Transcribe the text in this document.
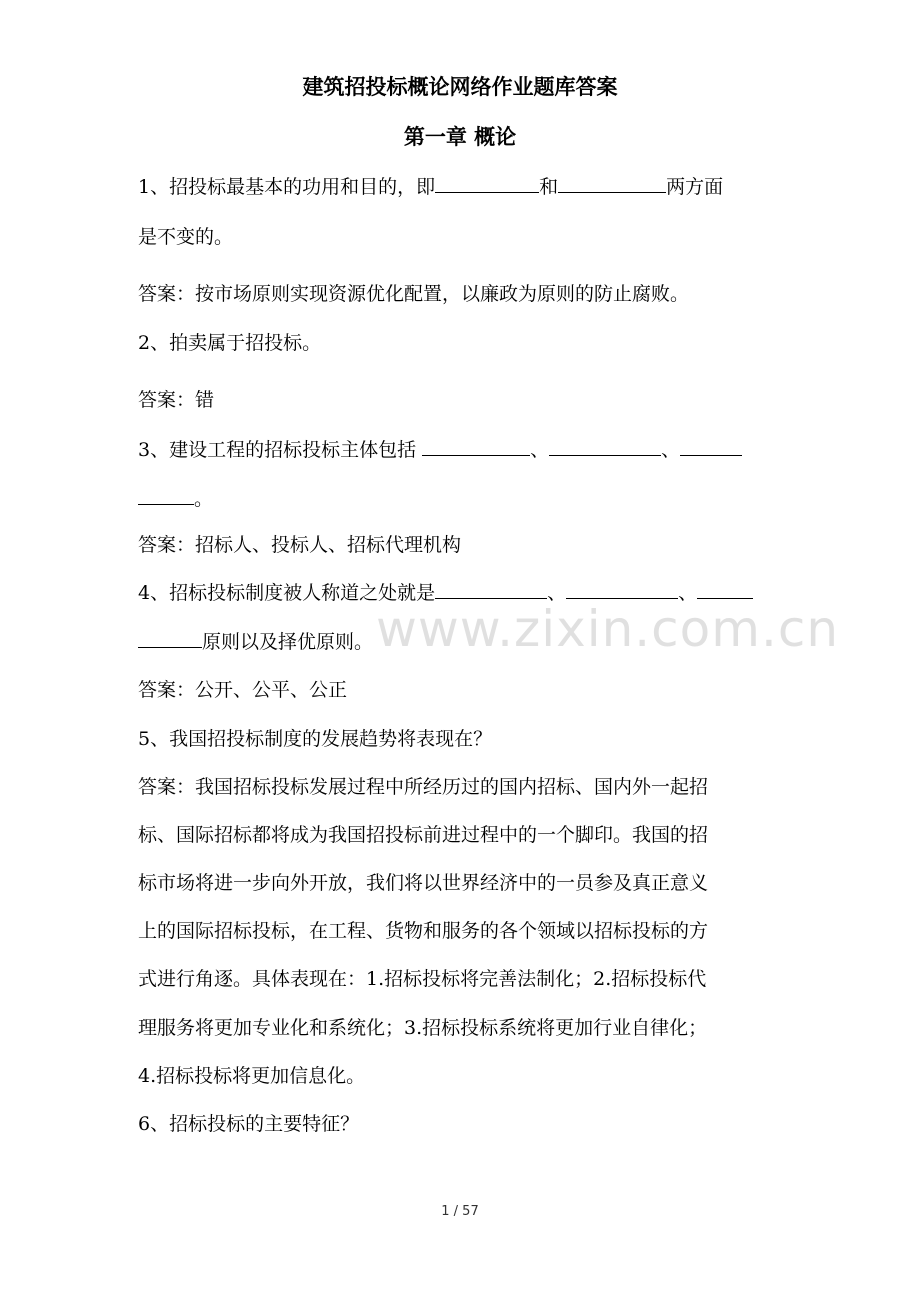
建筑招投标概论网络作业题库答案
第一章 概论
1、招投标最基本的功用和目的，即	和	两方面
是不变的。
答案：按市场原则实现资源优化配置，以廉政为原则的防止腐败。
2、拍卖属于招投标。
答案：错
3、建设工程的招标投标主体包括	、	、
。
答案：招标人、投标人、招标代理机构
4、招标投标制度被人称道之处就是	、	、
原则以及择优原则。
答案：公开、公平、公正
5、我国招投标制度的发展趋势将表现在？
答案：我国招标投标发展过程中所经历过的国内招标、国内外一起招
标、国际招标都将成为我国招投标前进过程中的一个脚印。我国的招
标市场将进一步向外开放，我们将以世界经济中的一员参及真正意义
上的国际招标投标，在工程、货物和服务的各个领域以招标投标的方
式进行角逐。具体表现在：1.招标投标将完善法制化；2.招标投标代
理服务将更加专业化和系统化；3.招标投标系统将更加行业自律化；
4.招标投标将更加信息化。
6、招标投标的主要特征？
www.zixin.com.cn
1 / 57
